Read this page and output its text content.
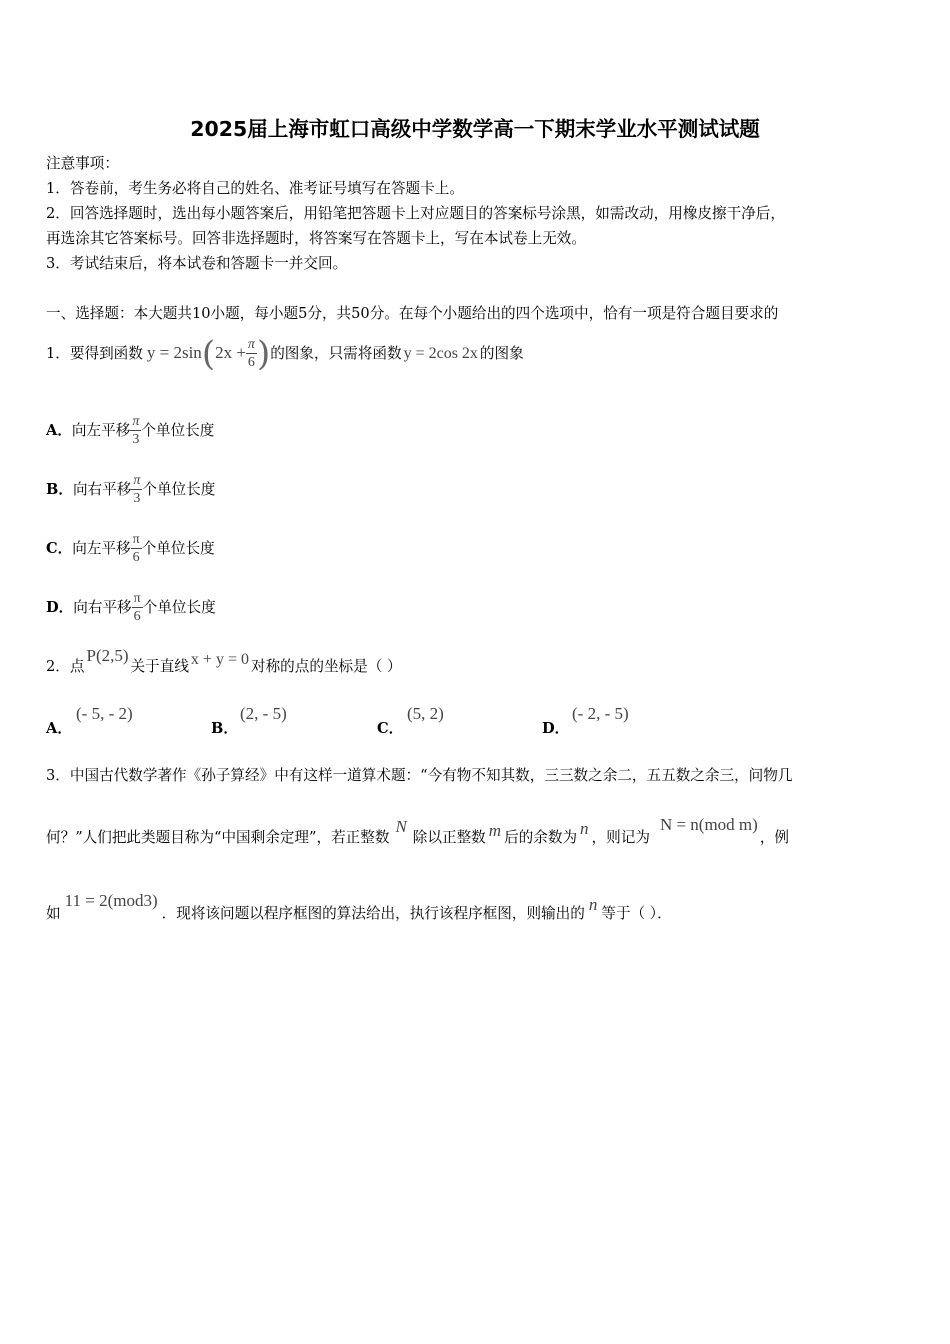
2025届上海市虹口高级中学数学高一下期末学业水平测试试题
注意事项：
1．答卷前，考生务必将自己的姓名、准考证号填写在答题卡上。
2．回答选择题时，选出每小题答案后，用铅笔把答题卡上对应题目的答案标号涂黑，如需改动，用橡皮擦干净后，
再选涂其它答案标号。回答非选择题时，将答案写在答题卡上，写在本试卷上无效。
3．考试结束后，将本试卷和答题卡一并交回。
一、选择题：本大题共10小题，每小题5分，共50分。在每个小题给出的四个选项中，恰有一项是符合题目要求的
1．要得到函数 $y = 2\sin(2x + \frac{\pi}{6}$ )的图象，只需将函数 y = 2cos 2x 的图象
A．向左平移 $\frac{\pi}{3}$ 个单位长度
B．向右平移 $\frac{\pi}{3}$ 个单位长度
C．向左平移 $\frac{\pi}{6}$ 个单位长度
D．向右平移 $\frac{\pi}{6}$ 个单位长度
2．点P(2,5)关于直线 x + y = 0 对称的点的坐标是（ ）
A．
(- 5, - 2)
B．
(2, - 5)
C．
(5, 2)
D．
(- 2, - 5)
3．中国古代数学著作《孙子算经》中有这样一道算术题：“今有物不知其数，三三数之余二，五五数之余三，问物几
何？”人们把此类题目称为“中国剩余定理”，若正整数N除以正整数 m 后的余数为 n ，则记为N = n(mod m)，例
如11 = 2(mod3)．现将该问题以程序框图的算法给出，执行该程序框图，则输出的 n 等于（ ）．
